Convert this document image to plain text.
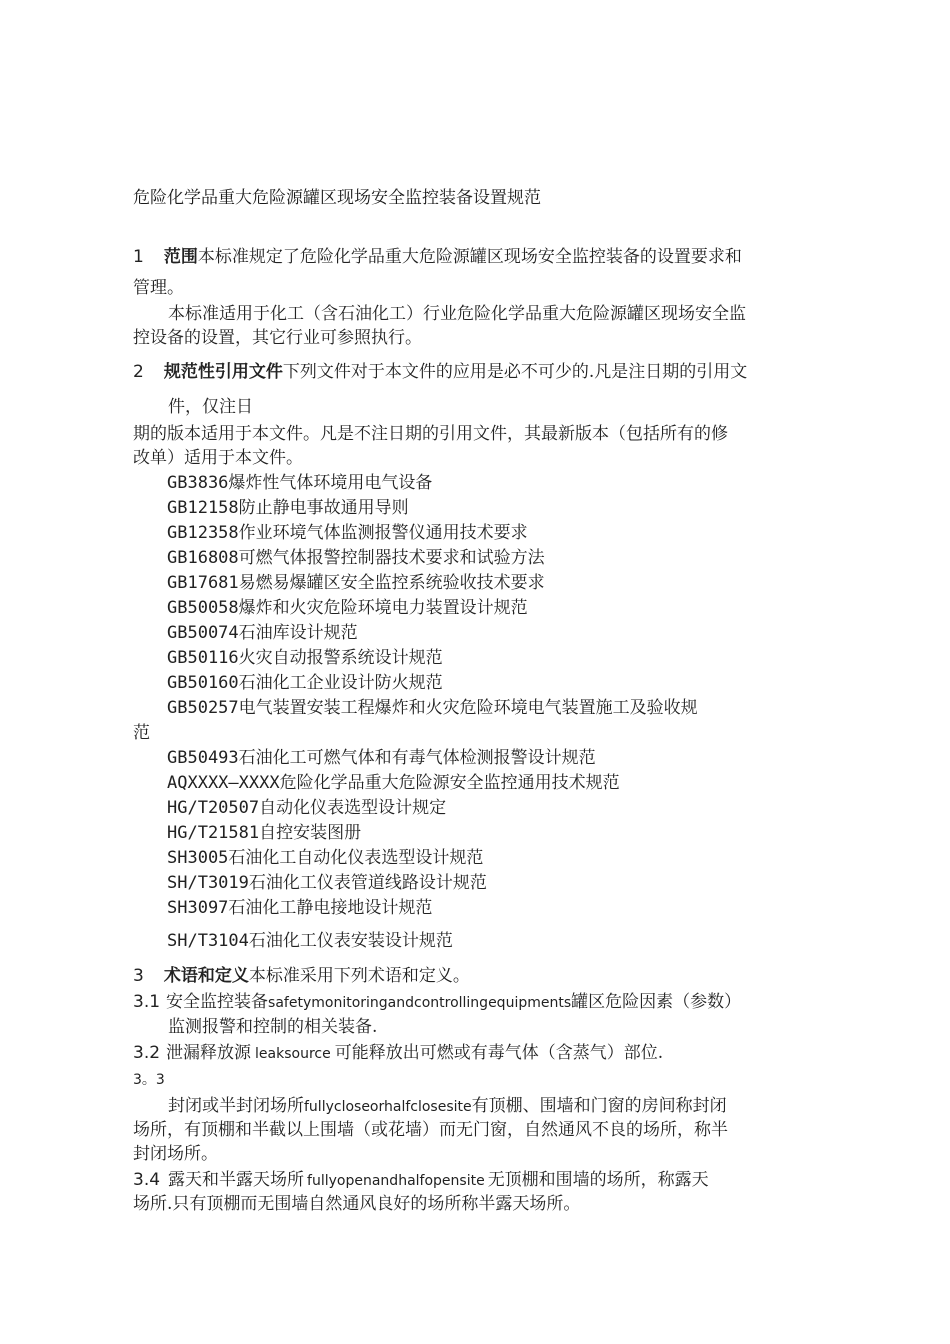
危险化学品重大危险源罐区现场安全监控装备设置规范
1 范围本标准规定了危险化学品重大危险源罐区现场安全监控装备的设置要求和
管理。
本标准适用于化工（含石油化工）行业危险化学品重大危险源罐区现场安全监
控设备的设置，其它行业可参照执行。
2 规范性引用文件下列文件对于本文件的应用是必不可少的.凡是注日期的引用文
件，仅注日
期的版本适用于本文件。凡是不注日期的引用文件，其最新版本（包括所有的修
改单）适用于本文件。
GB3836爆炸性气体环境用电气设备
GB12158防止静电事故通用导则
GB12358作业环境气体监测报警仪通用技术要求
GB16808可燃气体报警控制器技术要求和试验方法
GB17681易燃易爆罐区安全监控系统验收技术要求
GB50058爆炸和火灾危险环境电力装置设计规范
GB50074石油库设计规范
GB50116火灾自动报警系统设计规范
GB50160石油化工企业设计防火规范
GB50257电气装置安装工程爆炸和火灾危险环境电气装置施工及验收规
范
GB50493石油化工可燃气体和有毒气体检测报警设计规范
AQXXXX—XXXX危险化学品重大危险源安全监控通用技术规范
HG/T20507自动化仪表选型设计规定
HG/T21581自控安装图册
SH3005石油化工自动化仪表选型设计规范
SH/T3019石油化工仪表管道线路设计规范
SH3097石油化工静电接地设计规范
SH/T3104石油化工仪表安装设计规范
3 术语和定义本标准采用下列术语和定义。
3.1 安全监控装备safetymonitoringandcontrollingequipments罐区危险因素（参数）
监测报警和控制的相关装备.
3.2 泄漏释放源 leaksource 可能释放出可燃或有毒气体（含蒸气）部位.
3。3
封闭或半封闭场所fullycloseorhalfclosesite有顶棚、围墙和门窗的房间称封闭
场所，有顶棚和半截以上围墙（或花墙）而无门窗，自然通风不良的场所，称半
封闭场所。
3.4 露天和半露天场所 fullyopenandhalfopensite 无顶棚和围墙的场所，称露天
场所.只有顶棚而无围墙自然通风良好的场所称半露天场所。
